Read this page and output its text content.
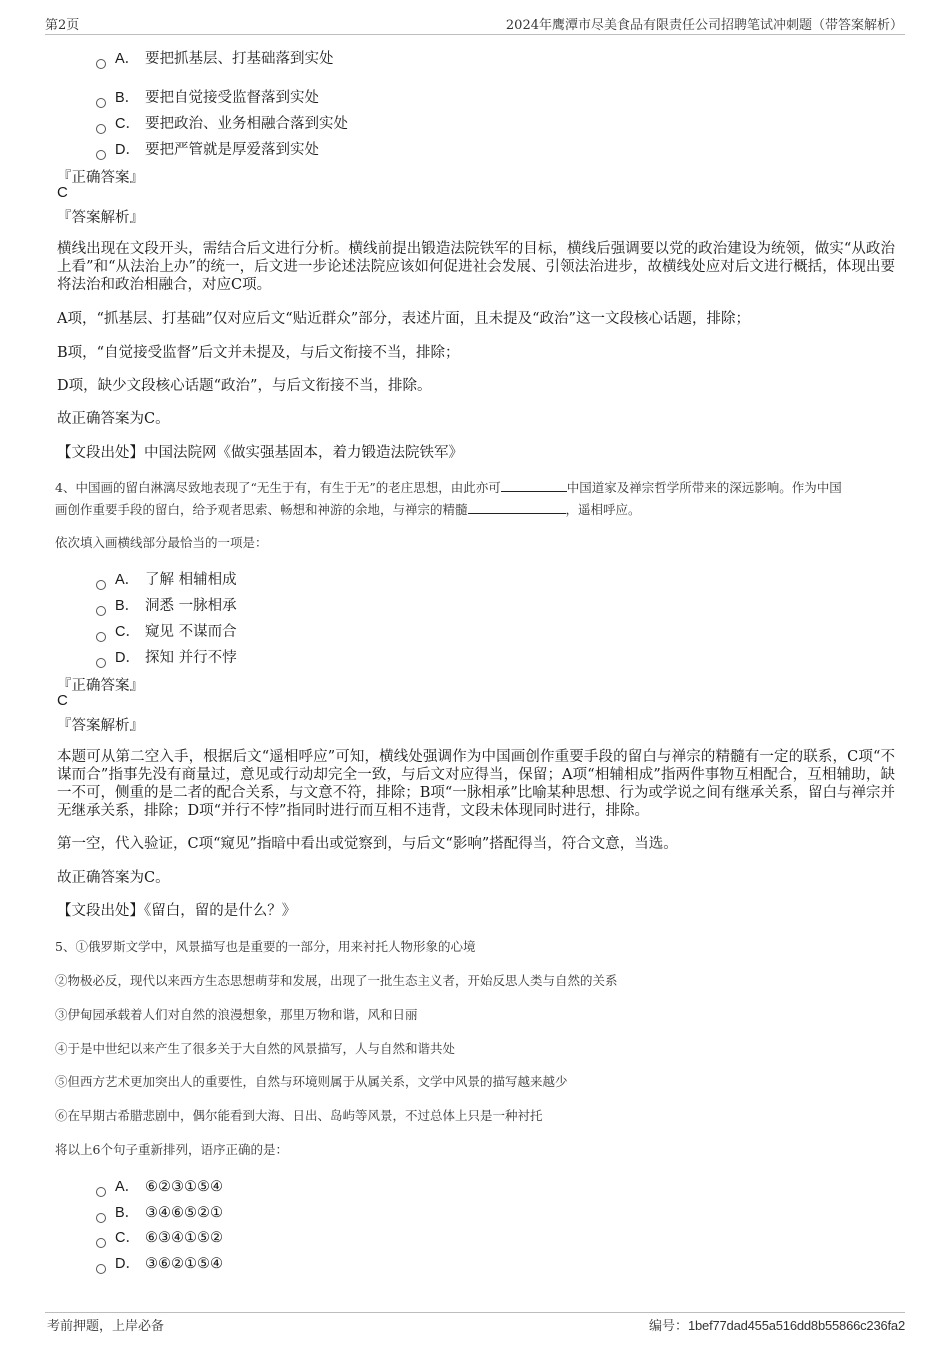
第2页	2024年鹰潭市尽美食品有限责任公司招聘笔试冲刺题（带答案解析）
A． 要把抓基层、打基础落到实处
B． 要把自觉接受监督落到实处
C． 要把政治、业务相融合落到实处
D． 要把严管就是厚爱落到实处
『正确答案』
C
『答案解析』
横线出现在文段开头，需结合后文进行分析。横线前提出锻造法院铁军的目标，横线后强调要以党的政治建设为统领，做实“从政治上看”和“从法治上办”的统一，后文进一步论述法院应该如何促进社会发展、引领法治进步，故横线处应对后文进行概括，体现出要将法治和政治相融合，对应C项。
A项，“抓基层、打基础”仅对应后文“贴近群众”部分，表述片面，且未提及“政治”这一文段核心话题，排除；
B项，“自觉接受监督”后文并未提及，与后文衔接不当，排除；
D项，缺少文段核心话题“政治”，与后文衔接不当，排除。
故正确答案为C。
【文段出处】中国法院网《做实强基固本，着力锻造法院铁军》
4、中国画的留白淋漓尽致地表现了“无生于有，有生于无”的老庄思想，由此亦可	中国道家及禅宗哲学所带来的深远影响。作为中国
画创作重要手段的留白，给予观者思索、畅想和神游的余地，与禅宗的精髓	，遥相呼应。
依次填入画横线部分最恰当的一项是：
A． 了解 相辅相成
B． 洞悉 一脉相承
C． 窥见 不谋而合
D． 探知 并行不悖
『正确答案』
C
『答案解析』
本题可从第二空入手，根据后文“遥相呼应”可知，横线处强调作为中国画创作重要手段的留白与禅宗的精髓有一定的联系，C项“不谋而合”指事先没有商量过，意见或行动却完全一致，与后文对应得当，保留；A项“相辅相成”指两件事物互相配合，互相辅助，缺一不可，侧重的是二者的配合关系，与文意不符，排除；B项“一脉相承”比喻某种思想、行为或学说之间有继承关系，留白与禅宗并无继承关系，排除；D项“并行不悖”指同时进行而互相不违背，文段未体现同时进行，排除。
第一空，代入验证，C项“窥见”指暗中看出或觉察到，与后文“影响”搭配得当，符合文意，当选。
故正确答案为C。
【文段出处】《留白，留的是什么？》
5、①俄罗斯文学中，风景描写也是重要的一部分，用来衬托人物形象的心境
②物极必反，现代以来西方生态思想萌芽和发展，出现了一批生态主义者，开始反思人类与自然的关系
③伊甸园承载着人们对自然的浪漫想象，那里万物和谐，风和日丽
④于是中世纪以来产生了很多关于大自然的风景描写，人与自然和谐共处
⑤但西方艺术更加突出人的重要性，自然与环境则属于从属关系，文学中风景的描写越来越少
⑥在早期古希腊悲剧中，偶尔能看到大海、日出、岛屿等风景，不过总体上只是一种衬托
将以上6个句子重新排列，语序正确的是：
A． ⑥②③①⑤④
B． ③④⑥⑤②①
C． ⑥③④①⑤②
D． ③⑥②①⑤④
考前押题，上岸必备	编号：1bef77dad455a516dd8b55866c236fa2
